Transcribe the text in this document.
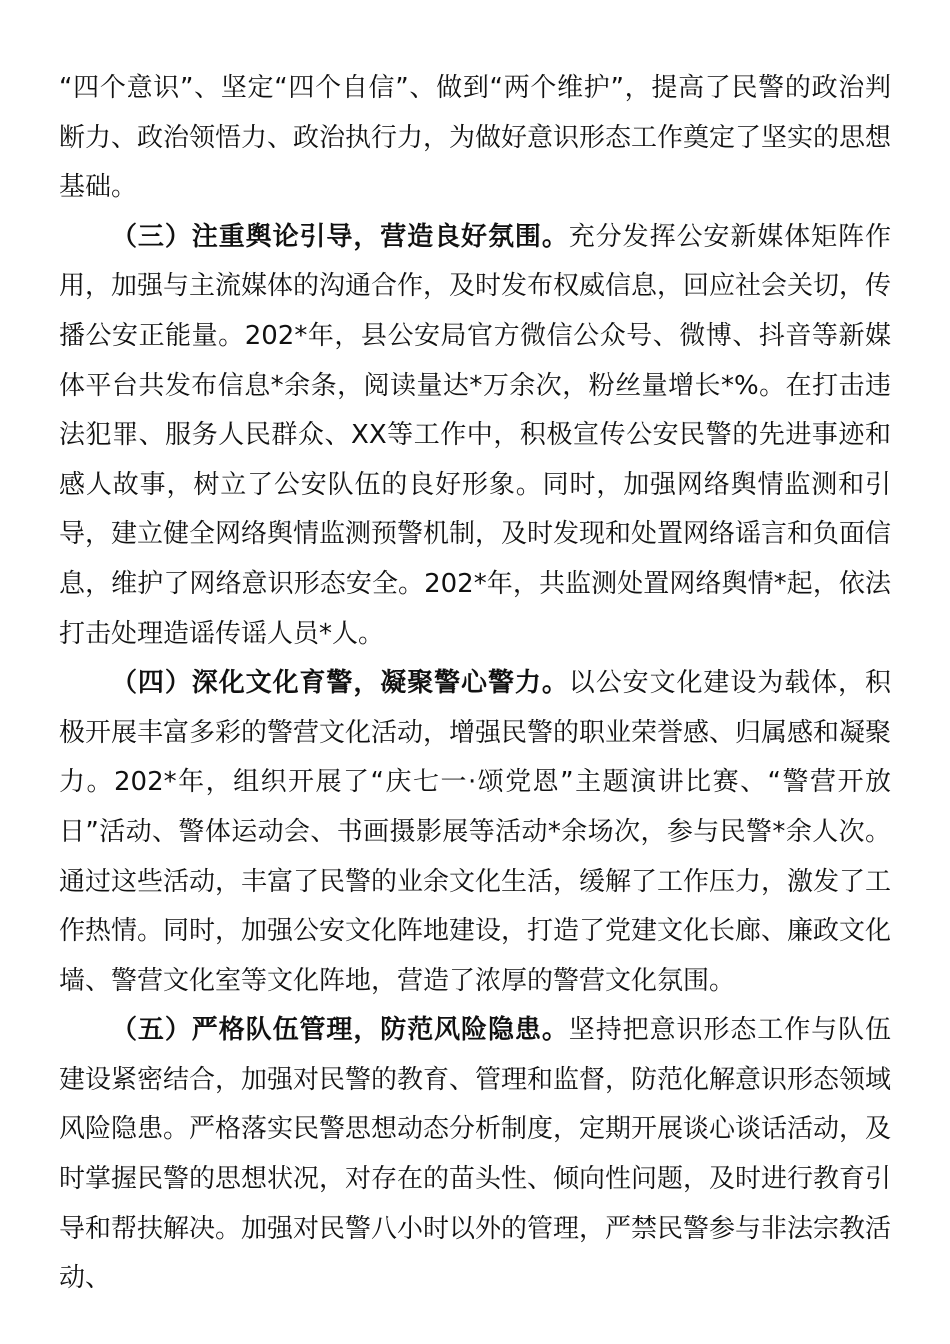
“四个意识”、坚定“四个自信”、做到“两个维护”，提高了民警的政治判断力、政治领悟力、政治执行力，为做好意识形态工作奠定了坚实的思想基础。

（三）注重舆论引导，营造良好氛围。充分发挥公安新媒体矩阵作用，加强与主流媒体的沟通合作，及时发布权威信息，回应社会关切，传播公安正能量。202*年，县公安局官方微信公众号、微博、抖音等新媒体平台共发布信息*余条，阅读量达*万余次，粉丝量增长*%。在打击违法犯罪、服务人民群众、XX等工作中，积极宣传公安民警的先进事迹和感人故事，树立了公安队伍的良好形象。同时，加强网络舆情监测和引导，建立健全网络舆情监测预警机制，及时发现和处置网络谣言和负面信息，维护了网络意识形态安全。202*年，共监测处置网络舆情*起，依法打击处理造谣传谣人员*人。

（四）深化文化育警，凝聚警心警力。以公安文化建设为载体，积极开展丰富多彩的警营文化活动，增强民警的职业荣誉感、归属感和凝聚力。202*年，组织开展了“庆七一·颂党恩”主题演讲比赛、“警营开放日”活动、警体运动会、书画摄影展等活动*余场次，参与民警*余人次。通过这些活动，丰富了民警的业余文化生活，缓解了工作压力，激发了工作热情。同时，加强公安文化阵地建设，打造了党建文化长廊、廉政文化墙、警营文化室等文化阵地，营造了浓厚的警营文化氛围。

（五）严格队伍管理，防范风险隐患。坚持把意识形态工作与队伍建设紧密结合，加强对民警的教育、管理和监督，防范化解意识形态领域风险隐患。严格落实民警思想动态分析制度，定期开展谈心谈话活动，及时掌握民警的思想状况，对存在的苗头性、倾向性问题，及时进行教育引导和帮扶解决。加强对民警八小时以外的管理，严禁民警参与非法宗教活动、
